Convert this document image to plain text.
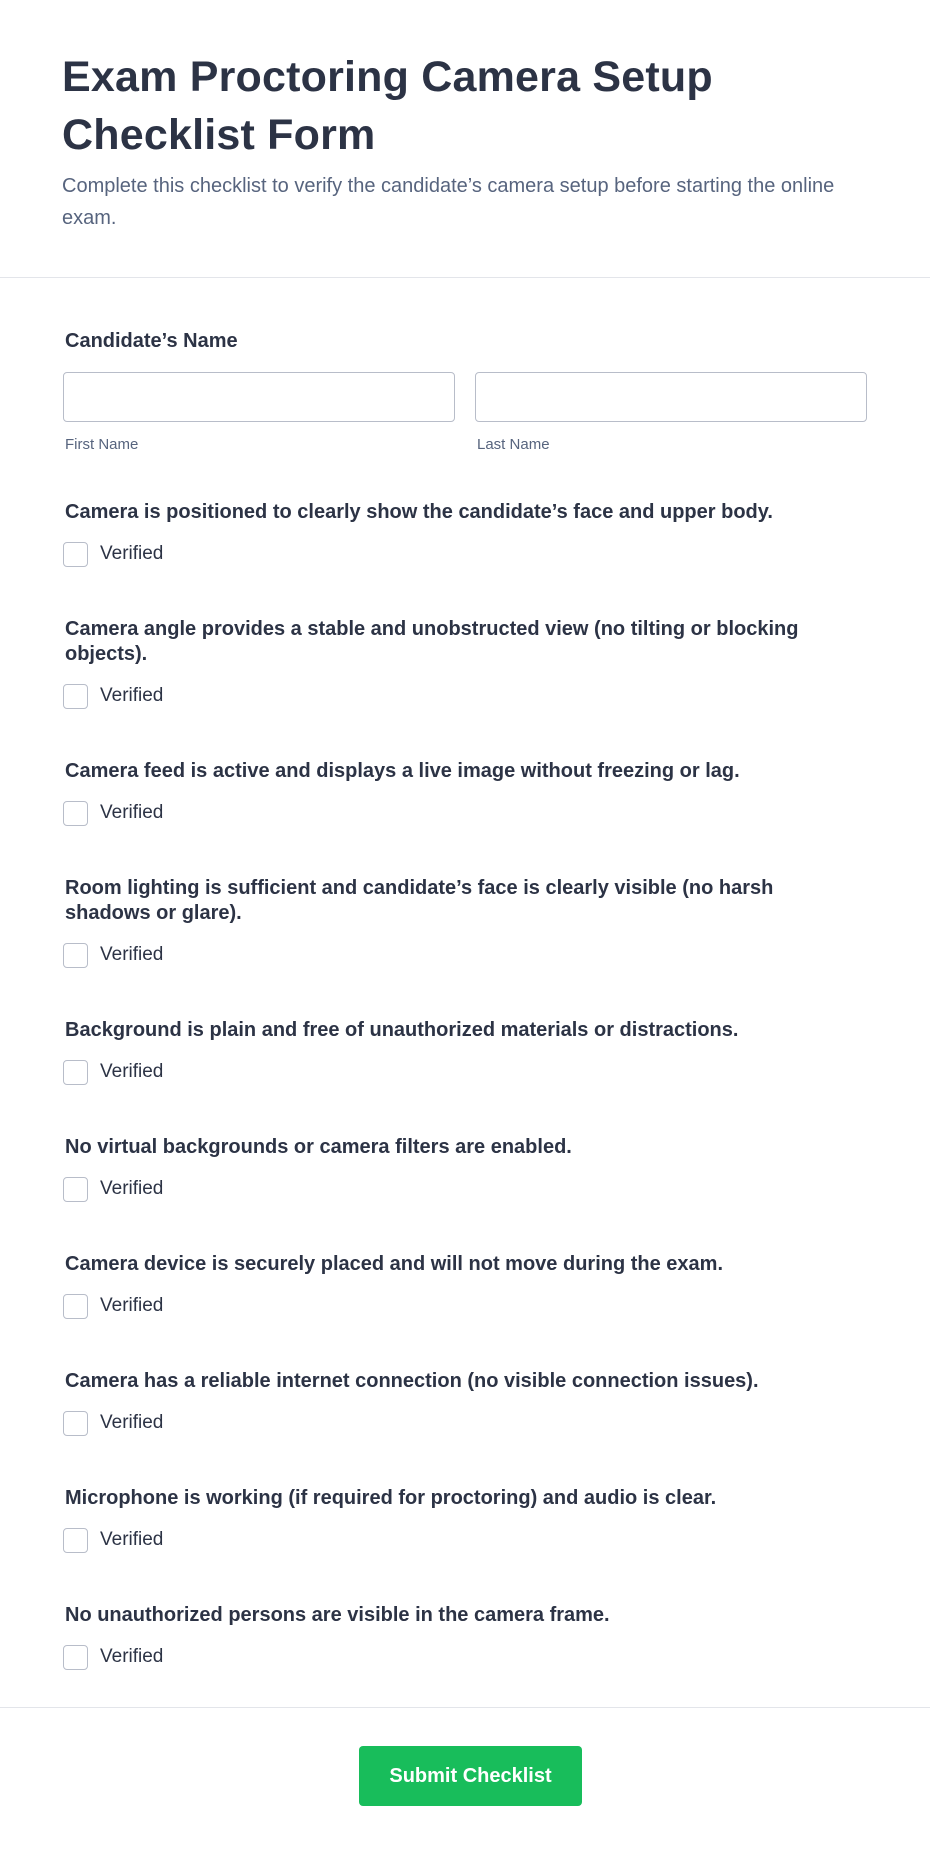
Exam Proctoring Camera Setup Checklist Form

Complete this checklist to verify the candidate’s camera setup before starting the online exam.

Candidate’s Name
First Name	Last Name
Camera is positioned to clearly show the candidate’s face and upper body.
Verified
Camera angle provides a stable and unobstructed view (no tilting or blocking objects).
Verified
Camera feed is active and displays a live image without freezing or lag.
Verified
Room lighting is sufficient and candidate’s face is clearly visible (no harsh shadows or glare).
Verified
Background is plain and free of unauthorized materials or distractions.
Verified
No virtual backgrounds or camera filters are enabled.
Verified
Camera device is securely placed and will not move during the exam.
Verified
Camera has a reliable internet connection (no visible connection issues).
Verified
Microphone is working (if required for proctoring) and audio is clear.
Verified
No unauthorized persons are visible in the camera frame.
Verified
Submit Checklist
